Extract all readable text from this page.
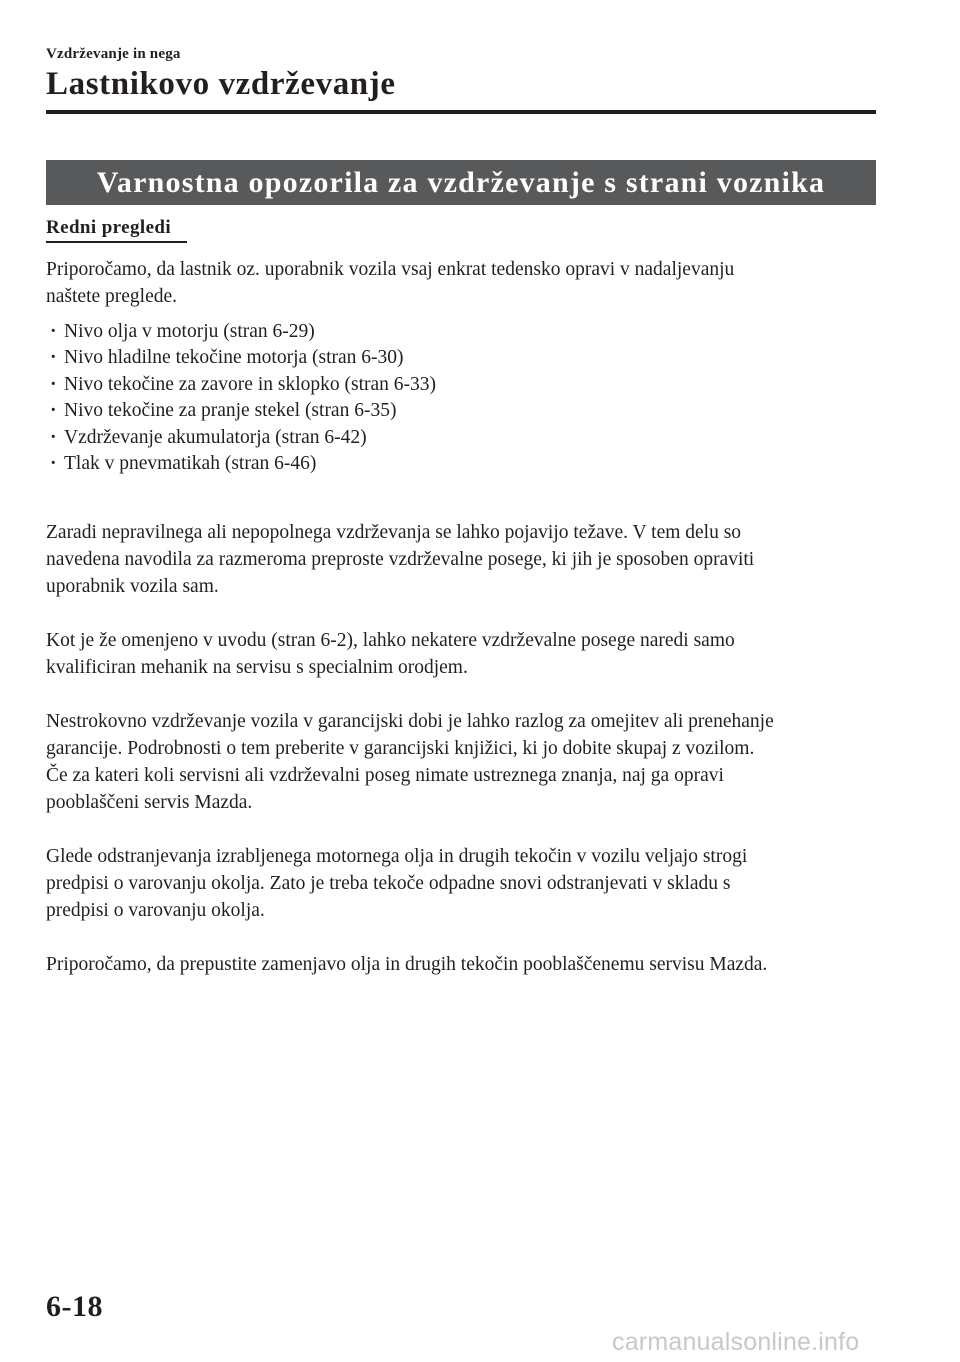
Vzdrževanje in nega
Lastnikovo vzdrževanje
Varnostna opozorila za vzdrževanje s strani voznika
Redni pregledi

Priporočamo, da lastnik oz. uporabnik vozila vsaj enkrat tedensko opravi v nadaljevanju

naštete preglede.

· Nivo olja v motorju (stran 6-29)
· Nivo hladilne tekočine motorja (stran 6-30)
· Nivo tekočine za zavore in sklopko (stran 6-33)
· Nivo tekočine za pranje stekel (stran 6-35)
· Vzdrževanje akumulatorja (stran 6-42)
· Tlak v pnevmatikah (stran 6-46)

Zaradi nepravilnega ali nepopolnega vzdrževanja se lahko pojavijo težave. V tem delu so

navedena navodila za razmeroma preproste vzdrževalne posege, ki jih je sposoben opraviti

uporabnik vozila sam.

Kot je že omenjeno v uvodu (stran 6-2), lahko nekatere vzdrževalne posege naredi samo

kvalificiran mehanik na servisu s specialnim orodjem.

Nestrokovno vzdrževanje vozila v garancijski dobi je lahko razlog za omejitev ali prenehanje

garancije. Podrobnosti o tem preberite v garancijski knjižici, ki jo dobite skupaj z vozilom.

Če za kateri koli servisni ali vzdrževalni poseg nimate ustreznega znanja, naj ga opravi

pooblaščeni servis Mazda.

Glede odstranjevanja izrabljenega motornega olja in drugih tekočin v vozilu veljajo strogi

predpisi o varovanju okolja. Zato je treba tekoče odpadne snovi odstranjevati v skladu s

predpisi o varovanju okolja.

Priporočamo, da prepustite zamenjavo olja in drugih tekočin pooblaščenemu servisu Mazda.

6-18
carmanualsonline.info
